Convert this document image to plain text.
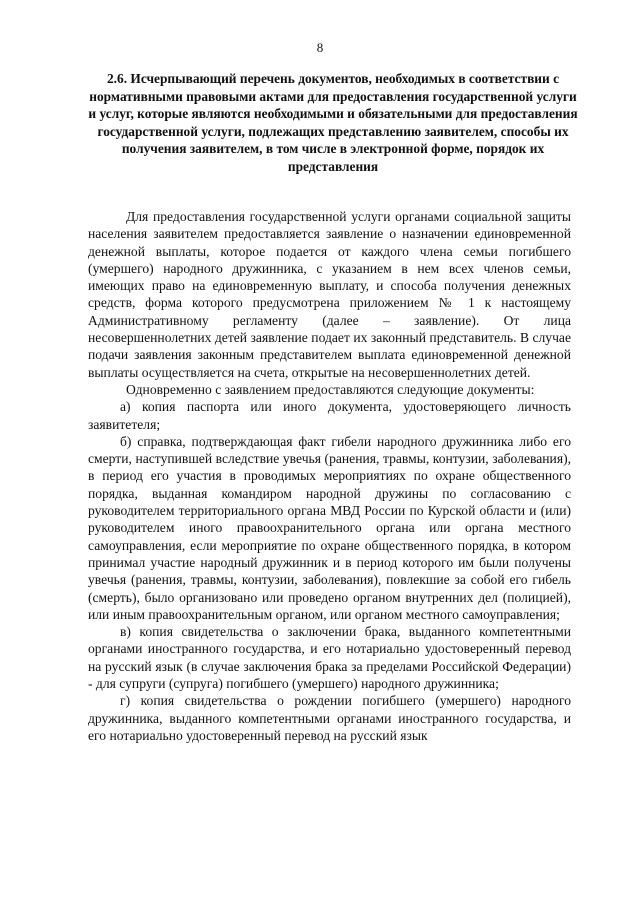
8
2.6. Исчерпывающий перечень документов, необходимых в соответствии с нормативными правовыми актами для предоставления государственной услуги и услуг, которые являются необходимыми и обязательными для предоставления государственной услуги, подлежащих представлению заявителем, способы их получения заявителем, в том числе в электронной форме, порядок их представления

Для предоставления государственной услуги органами социальной защиты населения заявителем предоставляется заявление о назначении единовременной денежной выплаты, которое подается от каждого члена семьи погибшего (умершего) народного дружинника, с указанием в нем всех членов семьи, имеющих право на единовременную выплату, и способа получения денежных средств, форма которого предусмотрена приложением № 1 к настоящему Административному регламенту (далее – заявление). От лица несовершеннолетних детей заявление подает их законный представитель. В случае подачи заявления законным представителем выплата единовременной денежной выплаты осуществляется на счета, открытые на несовершеннолетних детей.

Одновременно с заявлением предоставляются следующие документы:

а) копия паспорта или иного документа, удостоверяющего личность заявитетеля;

б) справка, подтверждающая факт гибели народного дружинника либо его смерти, наступившей вследствие увечья (ранения, травмы, контузии, заболевания), в период его участия в проводимых мероприятиях по охране общественного порядка, выданная командиром народной дружины по согласованию с руководителем территориального органа МВД России по Курской области и (или) руководителем иного правоохранительного органа или органа местного самоуправления, если мероприятие по охране общественного порядка, в котором принимал участие народный дружинник и в период которого им были получены увечья (ранения, травмы, контузии, заболевания), повлекшие за собой его гибель (смерть), было организовано или проведено органом внутренних дел (полицией), или иным правоохранительным органом, или органом местного самоуправления;

в) копия свидетельства о заключении брака, выданного компетентными органами иностранного государства, и его нотариально удостоверенный перевод на русский язык (в случае заключения брака за пределами Российской Федерации) - для супруги (супруга) погибшего (умершего) народного дружинника;

г) копия свидетельства о рождении погибшего (умершего) народного дружинника, выданного компетентными органами иностранного государства, и его нотариально удостоверенный перевод на русский язык
